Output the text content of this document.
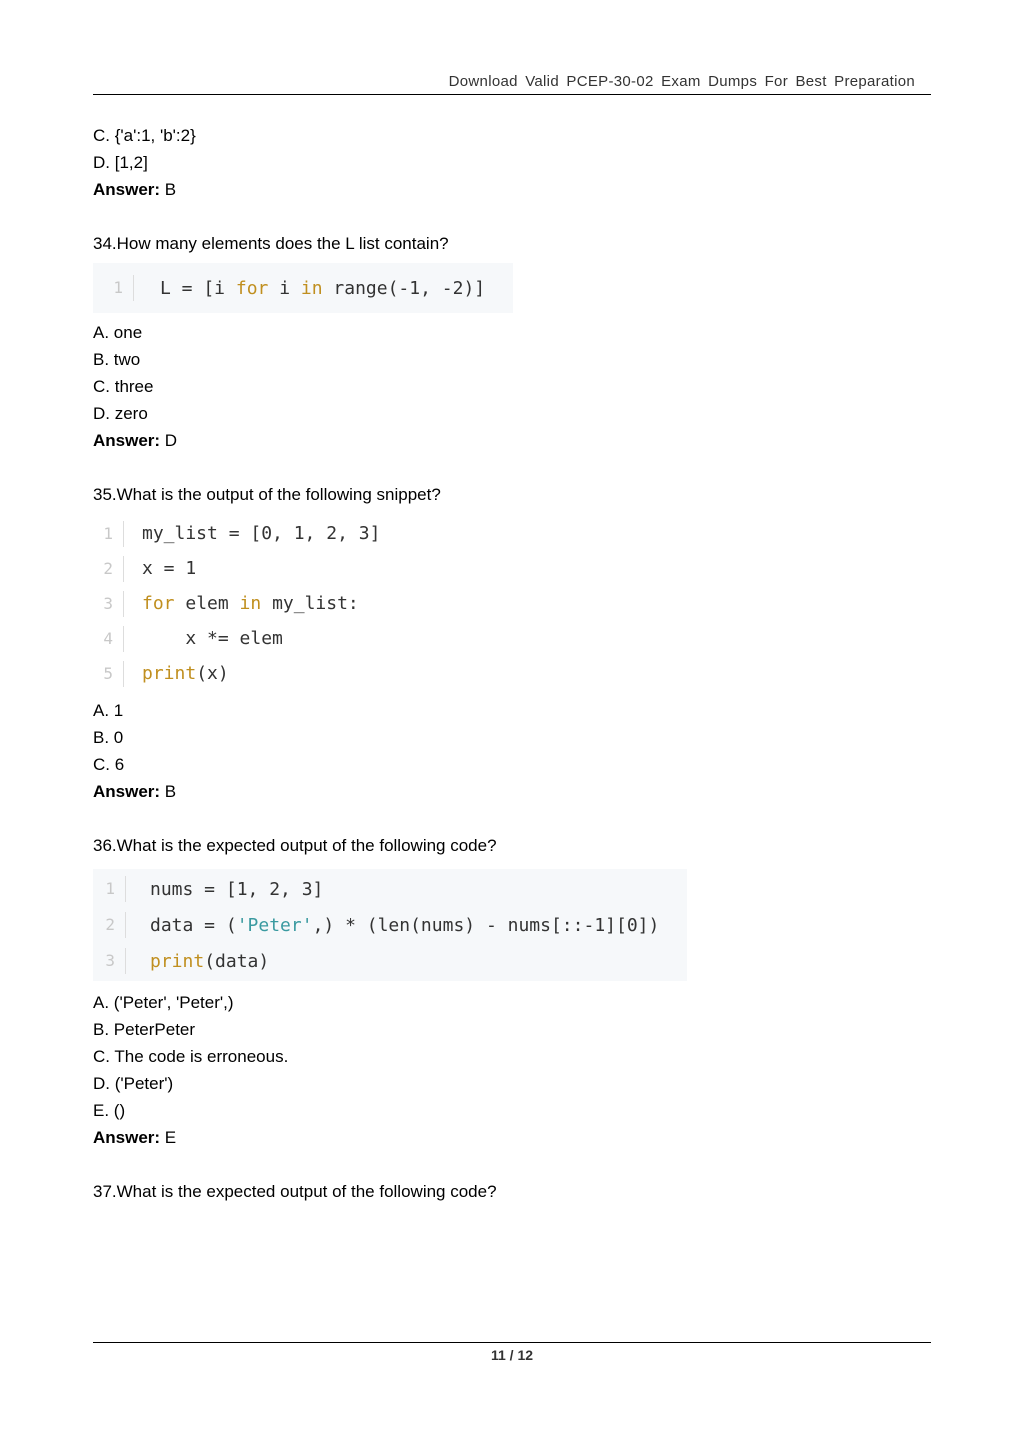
Download Valid PCEP-30-02 Exam Dumps For Best Preparation
C. {'a':1, 'b':2}
D. [1,2]
Answer: B
34.How many elements does the L list contain?
1	L = [i for i in range(-1, -2)]
A. one
B. two
C. three
D. zero
Answer: D
35.What is the output of the following snippet?
1	my_list = [0, 1, 2, 3]
2	x = 1
3	for elem in my_list:
4	x *= elem
5	print(x)
A. 1
B. 0
C. 6
Answer: B
36.What is the expected output of the following code?
1	nums = [1, 2, 3]
2	data = ('Peter',) * (len(nums) - nums[::-1][0])
3	print(data)
A. ('Peter', 'Peter',)
B. PeterPeter
C. The code is erroneous.
D. ('Peter')
E. ()
Answer: E
37.What is the expected output of the following code?
11 / 12
